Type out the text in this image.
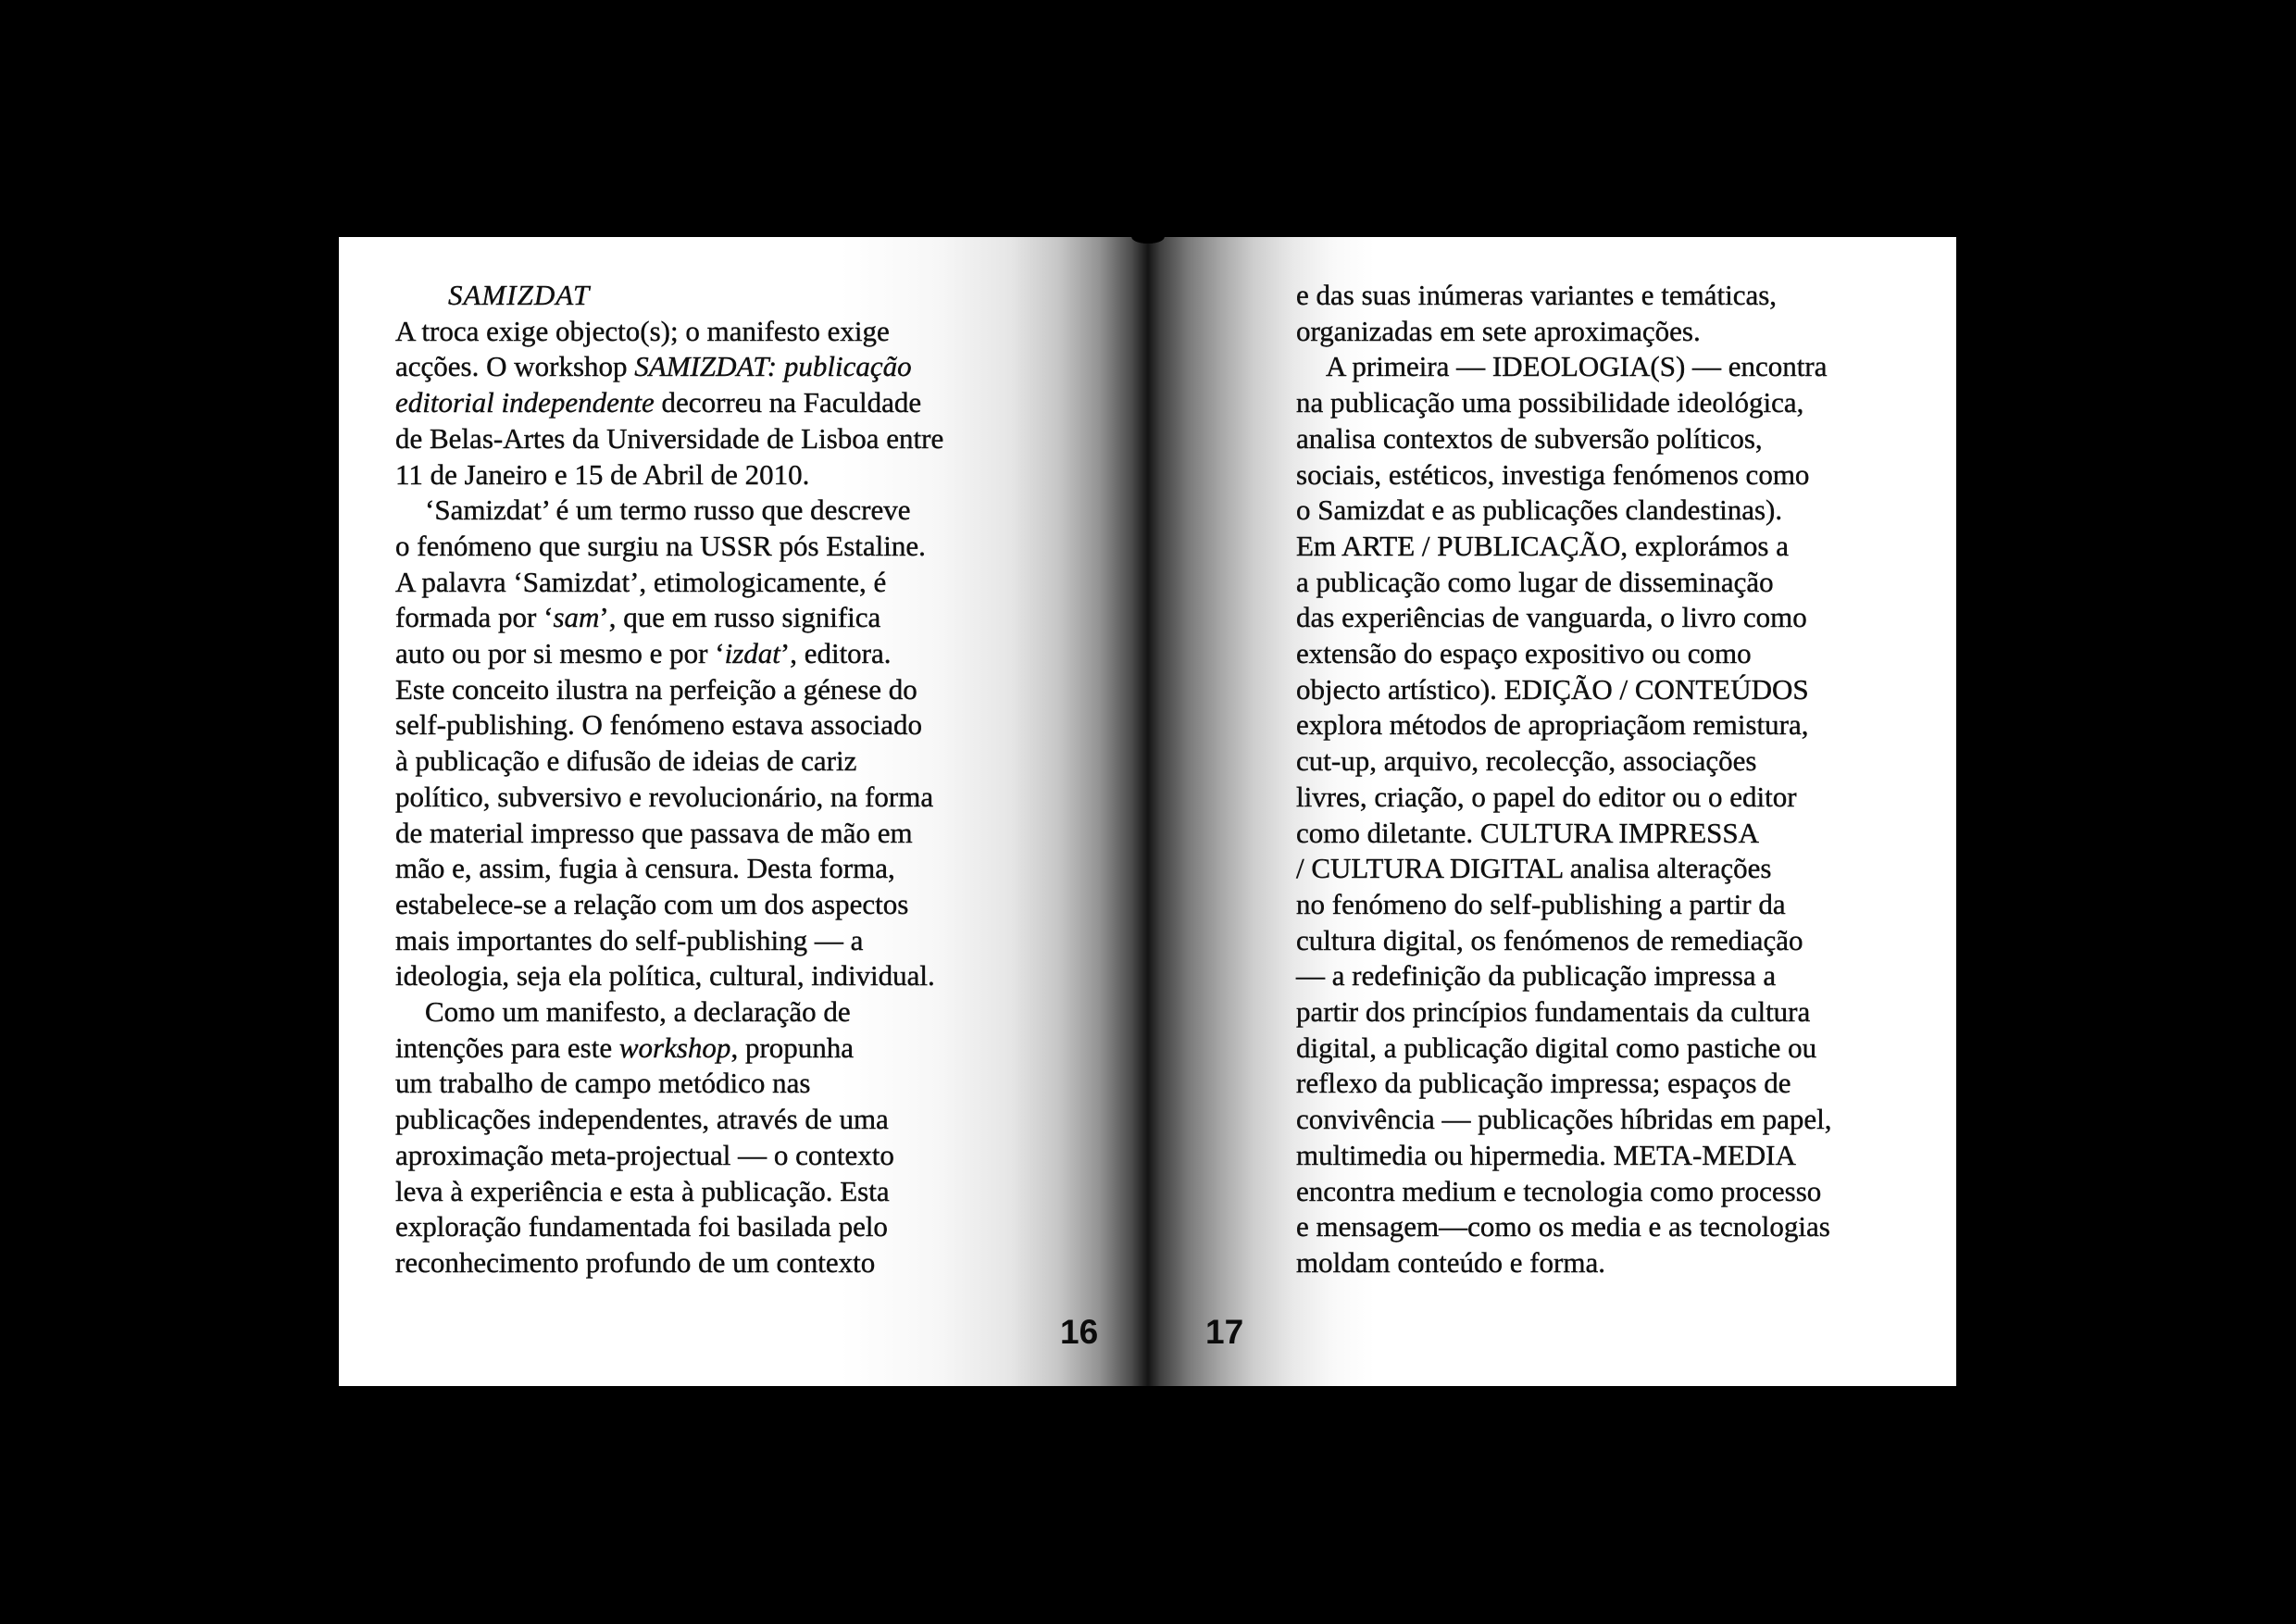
SAMIZDAT
A troca exige objecto(s); o manifesto exige
acções. O workshop SAMIZDAT: publicação
editorial independente decorreu na Faculdade
de Belas-Artes da Universidade de Lisboa entre
11 de Janeiro e 15 de Abril de 2010.
‘Samizdat’ é um termo russo que descreve
o fenómeno que surgiu na USSR pós Estaline.
A palavra ‘Samizdat’, etimologicamente, é
formada por ‘sam’, que em russo significa
auto ou por si mesmo e por ‘izdat’, editora.
Este conceito ilustra na perfeição a génese do
self-publishing. O fenómeno estava associado
à publicação e difusão de ideias de cariz
político, subversivo e revolucionário, na forma
de material impresso que passava de mão em
mão e, assim, fugia à censura. Desta forma,
estabelece-se a relação com um dos aspectos
mais importantes do self-publishing — a
ideologia, seja ela política, cultural, individual.
Como um manifesto, a declaração de
intenções para este workshop, propunha
um trabalho de campo metódico nas
publicações independentes, através de uma
aproximação meta-projectual — o contexto
leva à experiência e esta à publicação. Esta
exploração fundamentada foi basilada pelo
reconhecimento profundo de um contexto
16
e das suas inúmeras variantes e temáticas,
organizadas em sete aproximações.
A primeira — IDEOLOGIA(S) — encontra
na publicação uma possibilidade ideológica,
analisa contextos de subversão políticos,
sociais, estéticos, investiga fenómenos como
o Samizdat e as publicações clandestinas).
Em ARTE / PUBLICAÇÃO, explorámos a
a publicação como lugar de disseminação
das experiências de vanguarda, o livro como
extensão do espaço expositivo ou como
objecto artístico). EDIÇÃO / CONTEÚDOS
explora métodos de apropriaçãom remistura,
cut-up, arquivo, recolecção, associações
livres, criação, o papel do editor ou o editor
como diletante. CULTURA IMPRESSA
/ CULTURA DIGITAL analisa alterações
no fenómeno do self-publishing a partir da
cultura digital, os fenómenos de remediação
— a redefinição da publicação impressa a
partir dos princípios fundamentais da cultura
digital, a publicação digital como pastiche ou
reflexo da publicação impressa; espaços de
convivência — publicações híbridas em papel,
multimedia ou hipermedia. META-MEDIA
encontra medium e tecnologia como processo
e mensagem—como os media e as tecnologias
moldam conteúdo e forma.
17
